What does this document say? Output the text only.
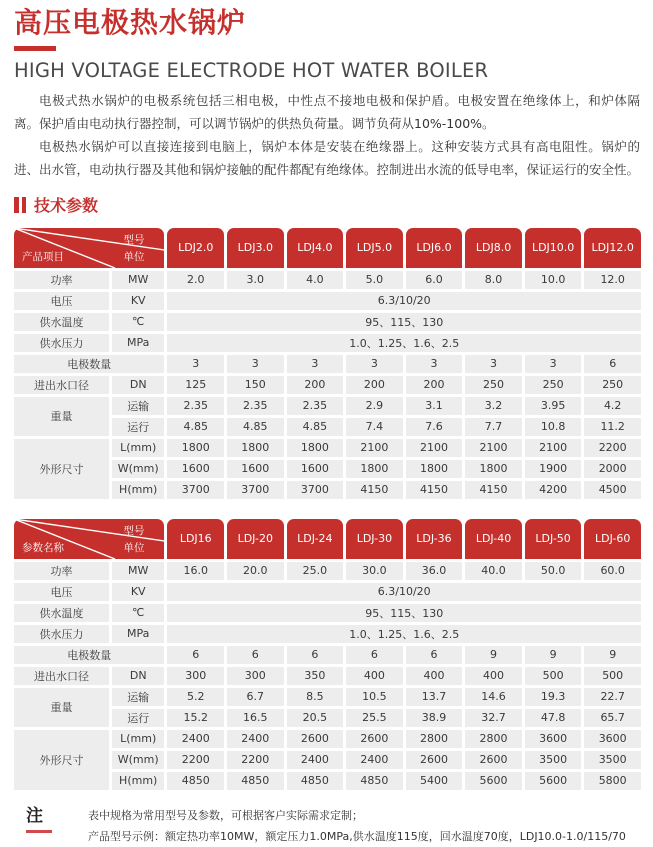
高压电极热水锅炉
HIGH VOLTAGE ELECTRODE HOT WATER BOILER

电极式热水锅炉的电极系统包括三相电极，中性点不接地电极和保护盾。电极安置在绝缘体上，和炉体隔 离。保护盾由电动执行器控制，可以调节锅炉的供热负荷量。调节负荷从10%-100%。

电极热水锅炉可以直接连接到电脑上，锅炉本体是安装在绝缘器上。这种安装方式具有高电阻性。锅炉的 进、出水管，电动执行器及其他和锅炉接触的配件都配有绝缘体。控制进出水流的低导电率，保证运行的安全性。

技术参数
型号
单位
产品项目		LDJ2.0	LDJ3.0	LDJ4.0	LDJ5.0	LDJ6.0	LDJ8.0	LDJ10.0	LDJ12.0
功率	MW	2.0	3.0	4.0	5.0	6.0	8.0	10.0	12.0
电压	KV	6.3/10/20							
供水温度	℃	95、115、130							
供水压力	MPa	1.0、1.25、1.6、2.5							
电极数量		3	3	3	3	3	3	3	6
进出水口径	DN	125	150	200	200	200	250	250	250
重量	运输	2.35	2.35	2.35	2.9	3.1	3.2	3.95	4.2
	运行	4.85	4.85	4.85	7.4	7.6	7.7	10.8	11.2
外形尺寸	L(mm)	1800	1800	1800	2100	2100	2100	2100	2200
	W(mm)	1600	1600	1600	1800	1800	1800	1900	2000
	H(mm)	3700	3700	3700	4150	4150	4150	4200	4500
型号
单位
参数名称		LDJ16	LDJ-20	LDJ-24	LDJ-30	LDJ-36	LDJ-40	LDJ-50	LDJ-60
功率	MW	16.0	20.0	25.0	30.0	36.0	40.0	50.0	60.0
电压	KV	6.3/10/20							
供水温度	℃	95、115、130							
供水压力	MPa	1.0、1.25、1.6、2.5							
电极数量		6	6	6	6	6	9	9	9
进出水口径	DN	300	300	350	400	400	400	500	500
重量	运输	5.2	6.7	8.5	10.5	13.7	14.6	19.3	22.7
	运行	15.2	16.5	20.5	25.5	38.9	32.7	47.8	65.7
外形尺寸	L(mm)	2400	2400	2600	2600	2800	2800	3600	3600
	W(mm)	2200	2200	2400	2400	2600	2600	3500	3500
	H(mm)	4850	4850	4850	4850	5400	5600	5600	5800
注	表中规格为常用型号及参数，可根据客户实际需求定制；

产品型号示例：额定热功率10MW，额定压力1.0MPa,供水温度115度，回水温度70度，LDJ10.0-1.0/115/70
